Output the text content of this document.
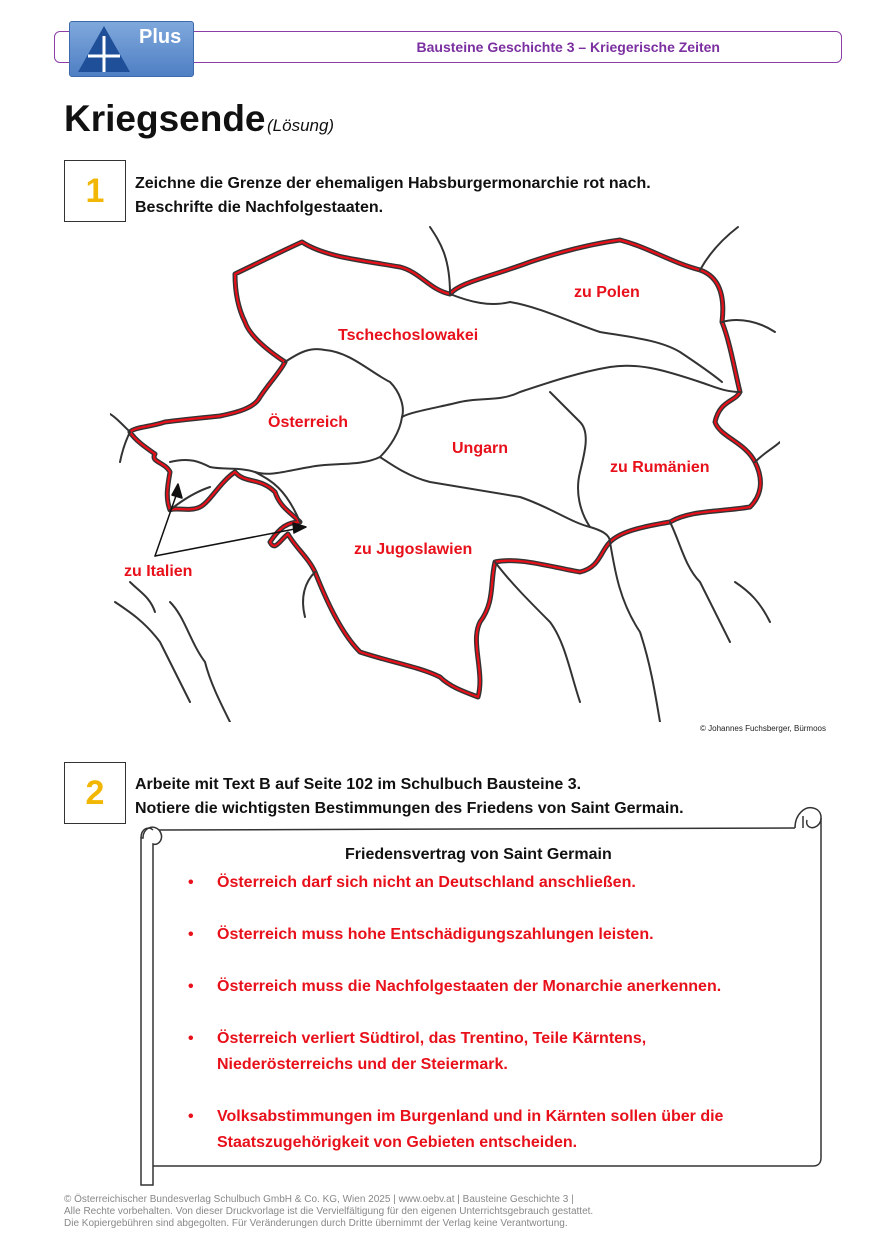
Plus	Bausteine Geschichte 3 – Kriegerische Zeiten
Kriegsende (Lösung)
1	Zeichne die Grenze der ehemaligen Habsburgermonarchie rot nach.
Beschrifte die Nachfolgestaaten.
zu Polen
Tschechoslowakei
Österreich
Ungarn
zu Rumänien
zu Jugoslawien
zu Italien
© Johannes Fuchsberger, Bürmoos
2	Arbeite mit Text B auf Seite 102 im Schulbuch Bausteine 3.
Notiere die wichtigsten Bestimmungen des Friedens von Saint Germain.
Friedensvertrag von Saint Germain
• Österreich darf sich nicht an Deutschland anschließen.
• Österreich muss hohe Entschädigungszahlungen leisten.
• Österreich muss die Nachfolgestaaten der Monarchie anerkennen.
• Österreich verliert Südtirol, das Trentino, Teile Kärntens,
Niederösterreichs und der Steiermark.
• Volksabstimmungen im Burgenland und in Kärnten sollen über die
Staatszugehörigkeit von Gebieten entscheiden.
© Österreichischer Bundesverlag Schulbuch GmbH & Co. KG, Wien 2025 | www.oebv.at | Bausteine Geschichte 3 |
Alle Rechte vorbehalten. Von dieser Druckvorlage ist die Vervielfältigung für den eigenen Unterrichtsgebrauch gestattet.
Die Kopiergebühren sind abgegolten. Für Veränderungen durch Dritte übernimmt der Verlag keine Verantwortung.
